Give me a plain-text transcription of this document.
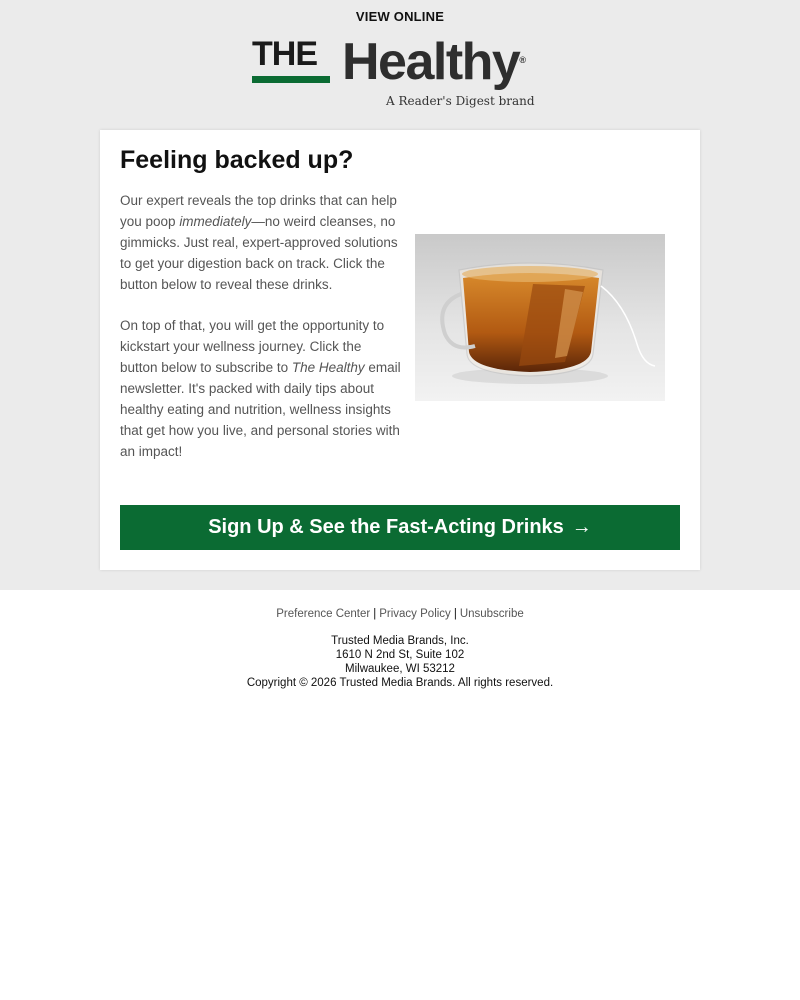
VIEW ONLINE
THE Healthy®
A Reader's Digest brand
Feeling backed up?

Our expert reveals the top drinks that can help you poop immediately—no weird cleanses, no gimmicks. Just real, expert-approved solutions to get your digestion back on track. Click the button below to reveal these drinks.

On top of that, you will get the opportunity to kickstart your wellness journey. Click the button below to subscribe to The Healthy email newsletter. It's packed with daily tips about healthy eating and nutrition, wellness insights that get how you live, and personal stories with an impact!

Sign Up & See the Fast-Acting Drinks →
Preference Center | Privacy Policy | Unsubscribe
Trusted Media Brands, Inc.
1610 N 2nd St, Suite 102
Milwaukee, WI 53212
Copyright © 2026 Trusted Media Brands. All rights reserved.
